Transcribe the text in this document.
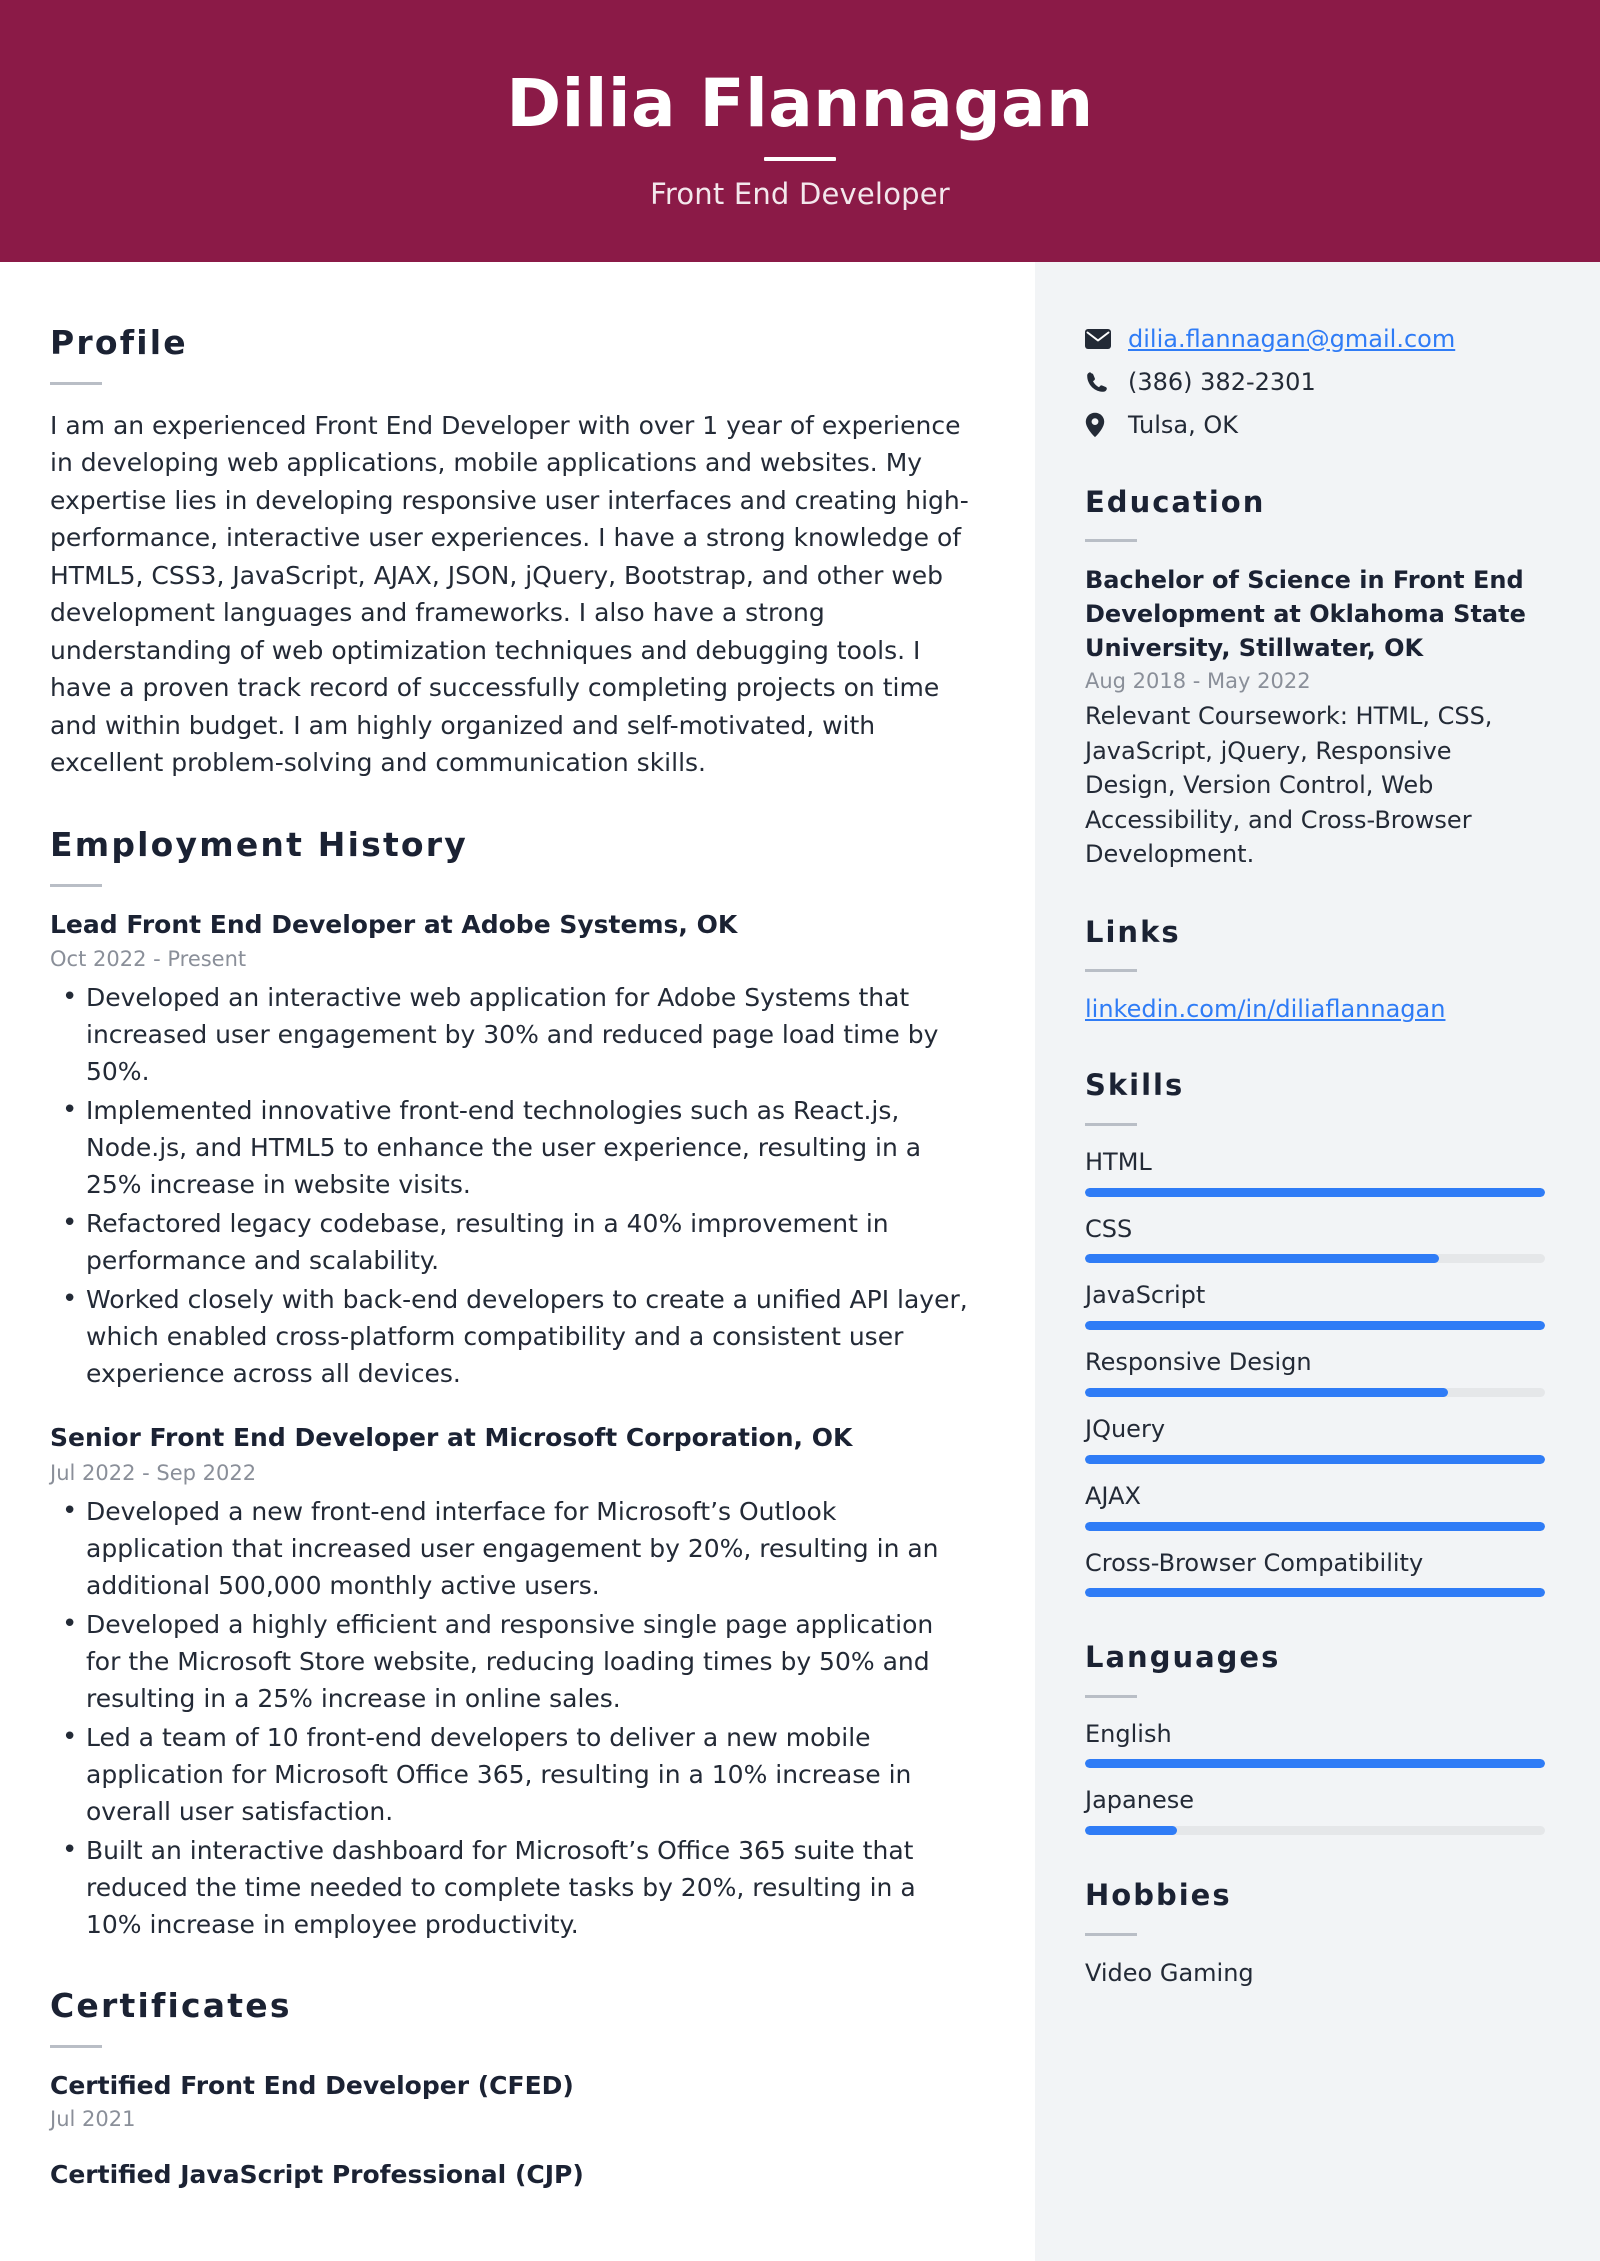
Dilia Flannagan
Front End Developer
Profile
I am an experienced Front End Developer with over 1 year of experience in developing web applications, mobile applications and websites. My expertise lies in developing responsive user interfaces and creating high-performance, interactive user experiences. I have a strong knowledge of HTML5, CSS3, JavaScript, AJAX, JSON, jQuery, Bootstrap, and other web development languages and frameworks. I also have a strong understanding of web optimization techniques and debugging tools. I have a proven track record of successfully completing projects on time and within budget. I am highly organized and self-motivated, with excellent problem-solving and communication skills.
Employment History
Lead Front End Developer at Adobe Systems, OK
Oct 2022 - Present
• Developed an interactive web application for Adobe Systems that increased user engagement by 30% and reduced page load time by 50%.
• Implemented innovative front-end technologies such as React.js, Node.js, and HTML5 to enhance the user experience, resulting in a 25% increase in website visits.
• Refactored legacy codebase, resulting in a 40% improvement in performance and scalability.
• Worked closely with back-end developers to create a unified API layer, which enabled cross-platform compatibility and a consistent user experience across all devices.
Senior Front End Developer at Microsoft Corporation, OK
Jul 2022 - Sep 2022
• Developed a new front-end interface for Microsoft’s Outlook application that increased user engagement by 20%, resulting in an additional 500,000 monthly active users.
• Developed a highly efficient and responsive single page application for the Microsoft Store website, reducing loading times by 50% and resulting in a 25% increase in online sales.
• Led a team of 10 front-end developers to deliver a new mobile application for Microsoft Office 365, resulting in a 10% increase in overall user satisfaction.
• Built an interactive dashboard for Microsoft’s Office 365 suite that reduced the time needed to complete tasks by 20%, resulting in a 10% increase in employee productivity.
Certificates
Certified Front End Developer (CFED)
Jul 2021
Certified JavaScript Professional (CJP)
dilia.flannagan@gmail.com
(386) 382-2301
Tulsa, OK
Education
Bachelor of Science in Front End Development at Oklahoma State University, Stillwater, OK
Aug 2018 - May 2022
Relevant Coursework: HTML, CSS, JavaScript, jQuery, Responsive Design, Version Control, Web Accessibility, and Cross-Browser Development.
Links
linkedin.com/in/diliaflannagan
Skills
HTML
CSS
JavaScript
Responsive Design
JQuery
AJAX
Cross-Browser Compatibility
Languages
English
Japanese
Hobbies
Video Gaming
